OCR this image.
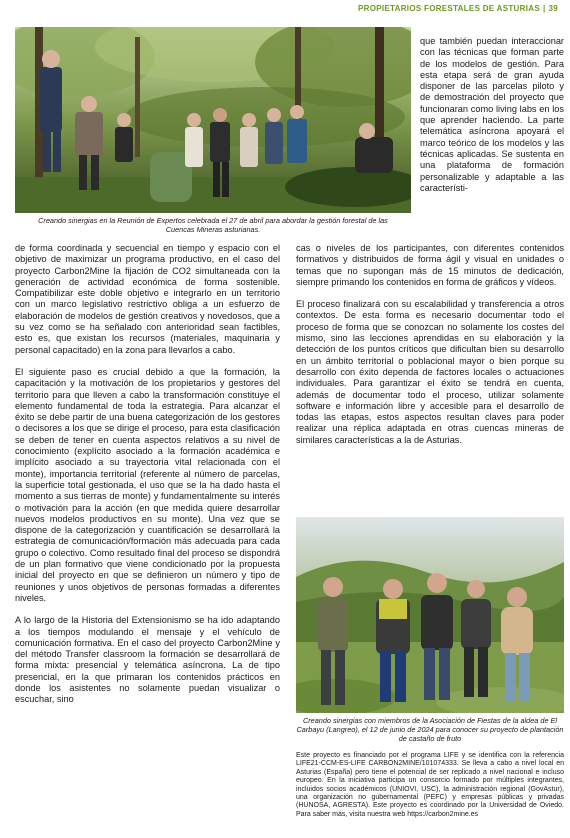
PROPIETARIOS FORESTALES DE ASTURIAS | 39
Creando sinergias en la Reunión de Expertos celebrada el 27 de abril para abordar la gestión forestal de las Cuencas Mineras asturianas.

que también puedan interaccionar con las técnicas que forman parte de los modelos de gestión. Para esta etapa será de gran ayuda disponer de las parcelas piloto y de demostración del proyecto que funcionaran como living labs en los que aprender haciendo. La parte telemática asíncrona apoyará el marco teórico de los modelos y las técnicas aplicadas. Se sustenta en una plataforma de formación personalizable y adaptable a las característi-

de forma coordinada y secuencial en tiempo y espacio con el objetivo de maximizar un programa productivo, en el caso del proyecto Carbon2Mine la fijación de CO2 simultaneada con la generación de actividad económica de forma sostenible. Compatibilizar este doble objetivo e integrarlo en un territorio con un marco legislativo restrictivo obliga a un esfuerzo de elaboración de modelos de gestión creativos y novedosos, que a su vez como se ha señalado con anterioridad sean factibles, esto es, que existan los recursos (materiales, maquinaria y personal capacitado) en la zona para llevarlos a cabo.

El siguiente paso es crucial debido a que la formación, la capacitación y la motivación de los propietarios y gestores del territorio para que lleven a cabo la transformación constituye el elemento fundamental de toda la estrategia. Para alcanzar el éxito se debe partir de una buena categorización de los gestores o decisores a los que se dirige el proceso, para esta clasificación se deben de tener en cuenta aspectos relativos a su nivel de conocimiento (explícito asociado a la formación académica e implícito asociado a su trayectoria vital relacionada con el monte), importancia territorial (referente al número de parcelas, la superficie total gestionada, el uso que se la ha dado hasta el momento a sus tierras de monte) y fundamentalmente su interés o motivación para la acción (en que medida quiere desarrollar nuevos modelos productivos en su monte). Una vez que se dispone de la categorización y cuantificación se desarrollará la estrategia de comunicación/formación más adecuada para cada grupo o colectivo. Como resultado final del proceso se dispondrá de un plan formativo que viene condicionado por la propuesta inicial del proyecto en que se definieron un número y tipo de reuniones y unos objetivos de personas formadas a diferentes niveles.

A lo largo de la Historia del Extensionismo se ha ido adaptando a los tiempos modulando el mensaje y el vehículo de comunicación formativa. En el caso del proyecto Carbon2Mine y del método Transfer classroom la formación se desarrollará de forma mixta: presencial y telemática asíncrona. La de tipo presencial, en la que primaran los contenidos prácticos en donde los asistentes no solamente puedan visualizar o escuchar, sino

cas o niveles de los participantes, con diferentes contenidos formativos y distribuidos de forma ágil y visual en unidades o temas que no supongan más de 15 minutos de dedicación, siempre primando los contenidos en forma de gráficos y vídeos.

El proceso finalizará con su escalabilidad y transferencia a otros contextos. De esta forma es necesario documentar todo el proceso de forma que se conozcan no solamente los costes del mismo, sino las lecciones aprendidas en su elaboración y la detección de los puntos críticos que dificultan bien su desarrollo en un ámbito territorial o poblacional mayor o bien porque su desarrollo con éxito dependa de factores locales o actuaciones individuales. Para garantizar el éxito se tendrá en cuenta, además de documentar todo el proceso, utilizar solamente software e información libre y accesible para el desarrollo de todas las etapas, estos aspectos resultan claves para poder realizar una réplica adaptada en otras cuencas mineras de similares características a la de Asturias.

Creando sinergias con miembros de la Asociación de Fiestas de la aldea de El Carbayu (Langreo), el 12 de junio de 2024 para conocer su proyecto de plantación de castaño de fruto
Este proyecto es financiado por el programa LIFE y se identifica con la referencia LIFE21-CCM-ES-LIFE CARBON2MINE/101074333. Se lleva a cabo a nivel local en Asturias (España) pero tiene el potencial de ser replicado a nivel nacional e incluso europeo. En la iniciativa participa un consorcio formado por múltiples integrantes, incluidos socios académicos (UNIOVI, USC), la administración regional (GovAstur), una organización no gubernamental (PEFC) y empresas públicas y privadas (HUNOSA, AGRESTA). Este proyecto es coordinado por la Universidad de Oviedo. Para saber más, visita nuestra web https://carbon2mine.es
